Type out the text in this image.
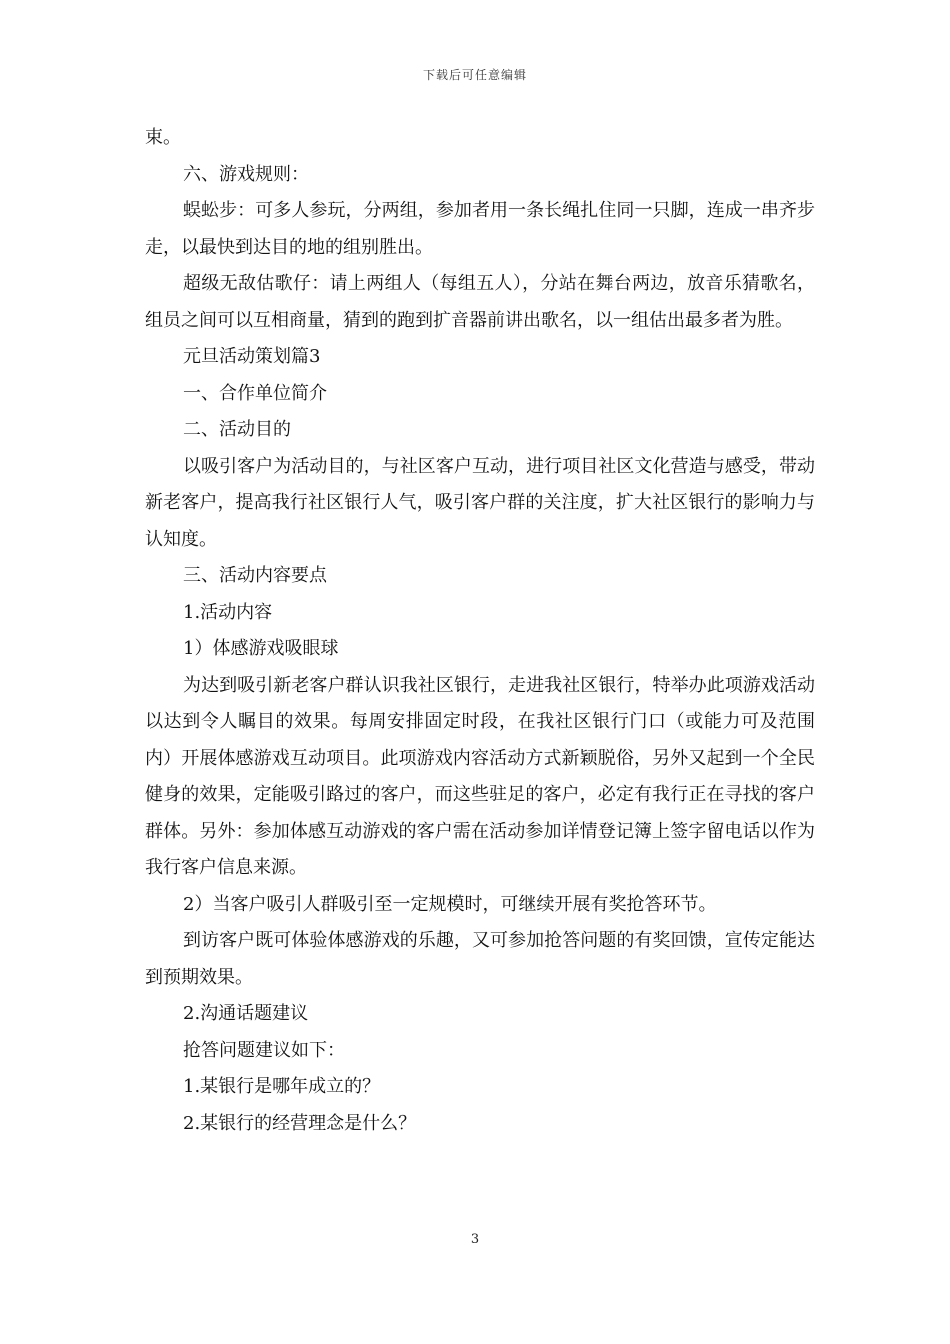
下载后可任意编辑

束。

六、游戏规则：

蜈蚣步：可多人参玩，分两组，参加者用一条长绳扎住同一只脚，连成一串齐步走，以最快到达目的地的组别胜出。

超级无敌估歌仔：请上两组人（每组五人），分站在舞台两边，放音乐猜歌名，组员之间可以互相商量，猜到的跑到扩音器前讲出歌名，以一组估出最多者为胜。

元旦活动策划篇3

一、合作单位简介

二、活动目的

以吸引客户为活动目的，与社区客户互动，进行项目社区文化营造与感受，带动新老客户，提高我行社区银行人气，吸引客户群的关注度，扩大社区银行的影响力与认知度。

三、活动内容要点

1.活动内容

1）体感游戏吸眼球

为达到吸引新老客户群认识我社区银行，走进我社区银行，特举办此项游戏活动以达到令人瞩目的效果。每周安排固定时段，在我社区银行门口（或能力可及范围内）开展体感游戏互动项目。此项游戏内容活动方式新颖脱俗，另外又起到一个全民健身的效果，定能吸引路过的客户，而这些驻足的客户，必定有我行正在寻找的客户群体。另外：参加体感互动游戏的客户需在活动参加详情登记簿上签字留电话以作为我行客户信息来源。

2）当客户吸引人群吸引至一定规模时，可继续开展有奖抢答环节。

到访客户既可体验体感游戏的乐趣，又可参加抢答问题的有奖回馈，宣传定能达到预期效果。

2.沟通话题建议

抢答问题建议如下：

1.某银行是哪年成立的？

2.某银行的经营理念是什么？

3
